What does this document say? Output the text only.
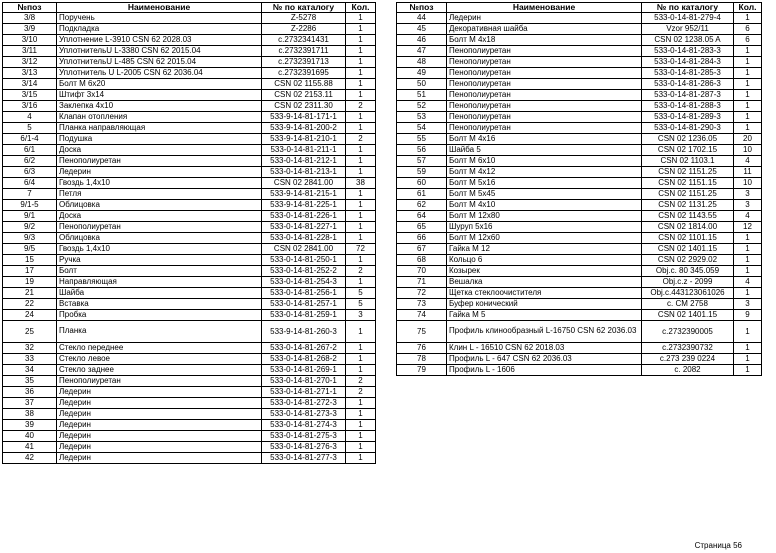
№поз	Наименование	№ по каталогу	Кол.
3/8	Поручень	Z-5278	1
3/9	Подкладка	Z-2286	1
3/10	Уплотнение L-3910 CSN 62 2028.03	c.2732341431	1
3/11	УплотнительU L-3380 CSN 62 2015.04	c.2732391711	1
3/12	УплотнительU L-485 CSN 62 2015.04	c.2732391713	1
3/13	Уплотнитель U L-2005 CSN 62 2036.04	c.2732391695	1
3/14	Болт М 6х20	CSN 02 1155.88	1
3/15	Штифт 3х14	CSN 02 2153.11	1
3/16	Заклепка 4х10	CSN 02 2311.30	2
4	Клапан отопления	533-9-14-81-171-1	1
5	Планка направляющая	533-9-14-81-200-2	1
6/1-4	Подушка	533-9-14-81-210-1	2
6/1	Доска	533-0-14-81-211-1	1
6/2	Пенополиуретан	533-0-14-81-212-1	1
6/3	Ледерин	533-0-14-81-213-1	1
6/4	Гвоздь 1,4х10	CSN 02 2841.00	38
7	Петля	533-9-14-81-215-1	1
9/1-5	Облицовка	533-9-14-81-225-1	1
9/1	Доска	533-0-14-81-226-1	1
9/2	Пенополиуретан	533-0-14-81-227-1	1
9/3	Облицовка	533-0-14-81-228-1	1
9/5	Гвоздь 1,4х10	CSN 02 2841.00	72
15	Ручка	533-0-14-81-250-1	1
17	Болт	533-0-14-81-252-2	2
19	Направляющая	533-0-14-81-254-3	1
21	Шайба	533-0-14-81-256-1	5
22	Вставка	533-0-14-81-257-1	5
24	Пробка	533-0-14-81-259-1	3
25	Планка	533-9-14-81-260-3	1
32	Стекло переднее	533-0-14-81-267-2	1
33	Стекло левое	533-0-14-81-268-2	1
34	Стекло заднее	533-0-14-81-269-1	1
35	Пенополиуретан	533-0-14-81-270-1	2
36	Ледерин	533-0-14-81-271-1	2
37	Ледерин	533-0-14-81-272-3	1
38	Ледерин	533-0-14-81-273-3	1
39	Ледерин	533-0-14-81-274-3	1
40	Ледерин	533-0-14-81-275-3	1
41	Ледерин	533-0-14-81-276-3	1
42	Ледерин	533-0-14-81-277-3	1
№поз	Наименование	№ по каталогу	Кол.
44	Ледерин	533-0-14-81-279-4	1
45	Декоративная шайба	Vzor 952/11	6
46	Болт М 4х18	CSN 02 1238.05 A	6
47	Пенополиуретан	533-0-14-81-283-3	1
48	Пенополиуретан	533-0-14-81-284-3	1
49	Пенополиуретан	533-0-14-81-285-3	1
50	Пенополиуретан	533-0-14-81-286-3	1
51	Пенополиуретан	533-0-14-81-287-3	1
52	Пенополиуретан	533-0-14-81-288-3	1
53	Пенополиуретан	533-0-14-81-289-3	1
54	Пенополиуретан	533-0-14-81-290-3	1
55	Болт М 4х16	CSN 02 1236.05	20
56	Шайба 5	CSN 02 1702.15	10
57	Болт М 6х10	CSN 02 1103.1	4
59	Болт М 4х12	CSN 02 1151.25	11
60	Болт М 5х16	CSN 02 1151.15	10
61	Болт М 5х45	CSN 02 1151.25	3
62	Болт М 4х10	CSN 02 1131.25	3
64	Болт М 12х80	CSN 02 1143.55	4
65	Шуруп 5х16	CSN 02 1814.00	12
66	Болт М 12х60	CSN 02 1101.15	1
67	Гайка М 12	CSN 02 1401.15	1
68	Кольцо 6	CSN 02 2929.02	1
70	Козырек	Obj.c. 80 345.059	1
71	Вешалка	Obj.c.z - 2099	4
72	Щетка стеклоочистителя	Obj.c.443123061026	1
73	Буфер конический	c. CM 2758	3
74	Гайка М 5	CSN 02 1401.15	9
75	Профиль клинообразный L-16750 CSN 62 2036.03	c.2732390005	1
76	Клин L - 16510 CSN 62 2018.03	c.2732390732	1
78	Профиль L - 647 CSN 62 2036.03	c.273 239 0224	1
79	Профиль L - 1606	c. 2082	1
Страница 56
